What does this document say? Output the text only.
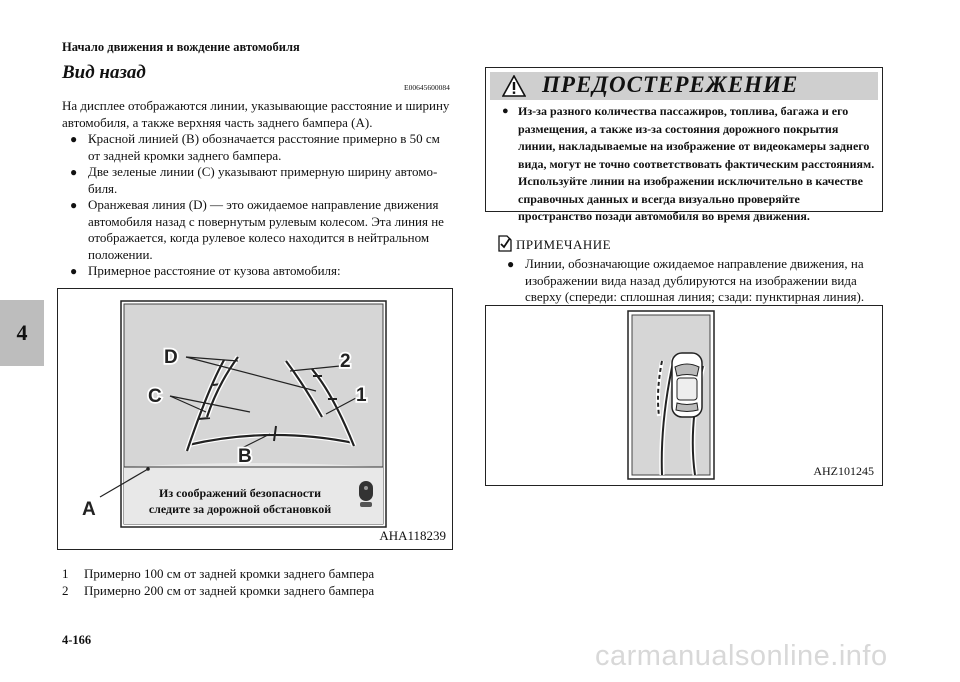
Начало движения и вождение автомобиля
4
Вид назад
E00645600084

На дисплее отображаются линии, указывающие расстояние и ширину автомобиля, а также верхняя часть заднего бампера (A).

● Красной линией (B) обозначается расстояние примерно в 50 см от задней кромки заднего бампера.

● Две зеленые линии (C) указывают примерную ширину автомо-биля.

● Оранжевая линия (D) — это ожидаемое направление движения автомобиля назад с повернутым рулевым колесом. Эта линия не отображается, когда рулевое колесо находится в нейтральном положении.

● Примерное расстояние от кузова автомобиля:

ПРЕДОСТЕРЕЖЕНИЕ
● Из-за разного количества пассажиров, топлива, багажа и его размещения, а также из-за состояния дорожного покрытия линии, накладываемые на изображение от видеокамеры заднего вида, могут не точно соответствовать фактическим расстояниям. Используйте линии на изображении исключительно в качестве справочных данных и всегда визуально проверяйте пространство позади автомобиля во время движения.
ПРИМЕЧАНИЕ
● Линии, обозначающие ожидаемое направление движения, на изображении вида назад дублируются на изображении вида сверху (спереди: сплошная линия; сзади: пунктирная линия).
D
C
B
A
1
2
Из соображений безопасности
следите за дорожной обстановкой
AHA118239
AHZ101245
1 Примерно 100 см от задней кромки заднего бампера
2 Примерно 200 см от задней кромки заднего бампера
4-166	carmanualsonline.info
